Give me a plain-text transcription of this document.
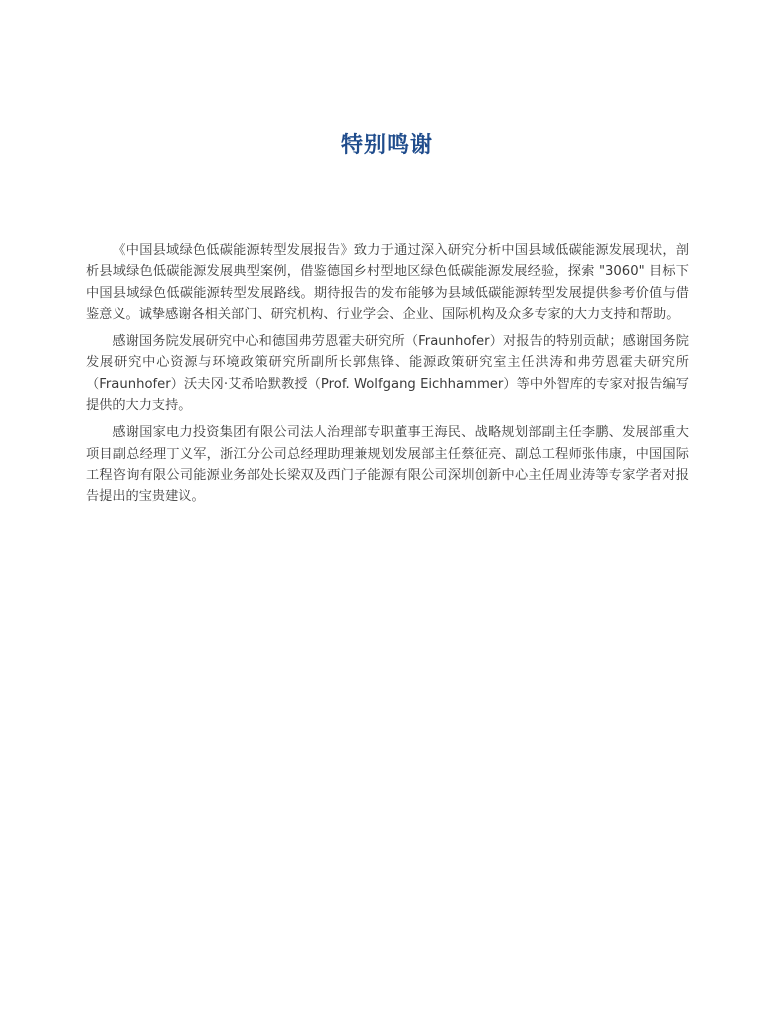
特别鸣谢

《中国县域绿色低碳能源转型发展报告》致力于通过深入研究分析中国县域低碳能源发展现状，剖析县域绿色低碳能源发展典型案例，借鉴德国乡村型地区绿色低碳能源发展经验，探索 "3060" 目标下中国县域绿色低碳能源转型发展路线。期待报告的发布能够为县域低碳能源转型发展提供参考价值与借鉴意义。诚挚感谢各相关部门、研究机构、行业学会、企业、国际机构及众多专家的大力支持和帮助。

感谢国务院发展研究中心和德国弗劳恩霍夫研究所（Fraunhofer）对报告的特别贡献；感谢国务院发展研究中心资源与环境政策研究所副所长郭焦锋、能源政策研究室主任洪涛和弗劳恩霍夫研究所（Fraunhofer）沃夫冈·艾希哈默教授（Prof. Wolfgang Eichhammer）等中外智库的专家对报告编写提供的大力支持。

感谢国家电力投资集团有限公司法人治理部专职董事王海民、战略规划部副主任李鹏、发展部重大项目副总经理丁义军，浙江分公司总经理助理兼规划发展部主任蔡征亮、副总工程师张伟康，中国国际工程咨询有限公司能源业务部处长梁双及西门子能源有限公司深圳创新中心主任周业涛等专家学者对报告提出的宝贵建议。
